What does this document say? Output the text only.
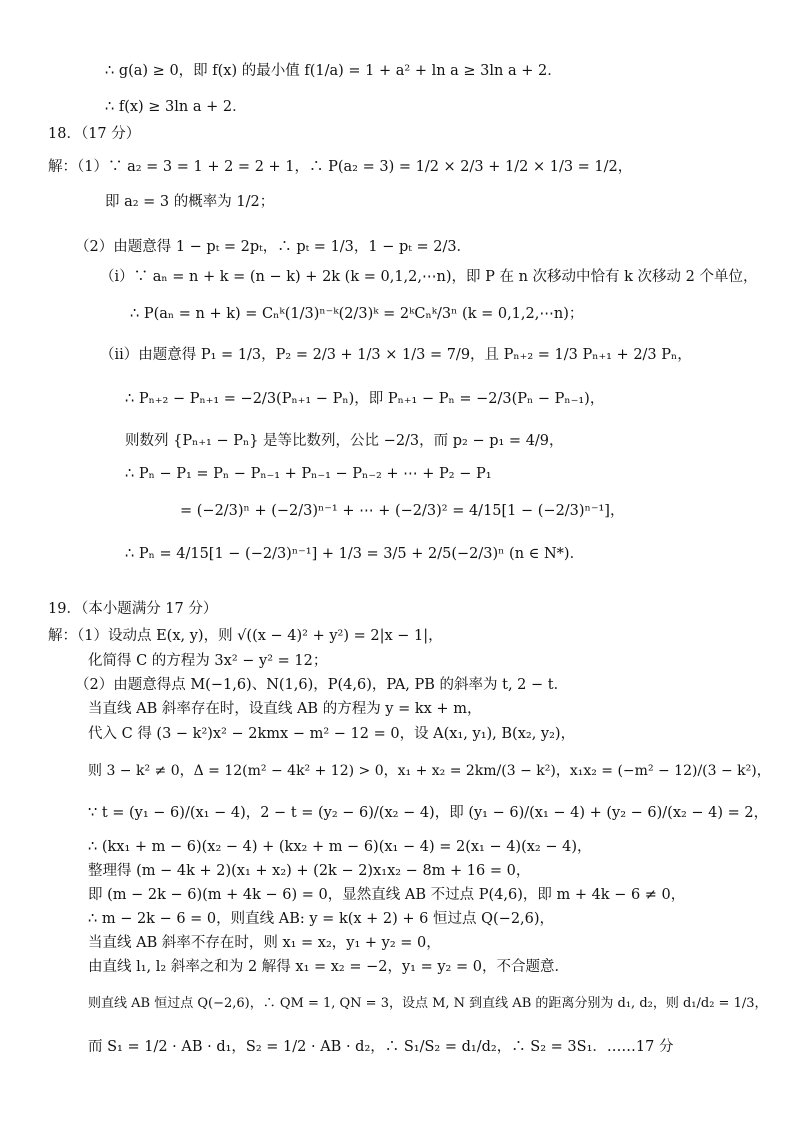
∴ g(a) ≥ 0，即 f(x) 的最小值 f(1/a) = 1 + a² + ln a ≥ 3ln a + 2．
∴ f(x) ≥ 3ln a + 2．
18．（17 分）
解：（1）∵ a₂ = 3 = 1 + 2 = 2 + 1，∴ P(a₂ = 3) = 1/2 × 2/3 + 1/2 × 1/3 = 1/2，
即 a₂ = 3 的概率为 1/2；
（2）由题意得 1 − pₜ = 2pₜ，∴ pₜ = 1/3，1 − pₜ = 2/3．
（i）∵ aₙ = n + k = (n − k) + 2k (k = 0,1,2,⋯n)，即 P 在 n 次移动中恰有 k 次移动 2 个单位，
∴ P(aₙ = n + k) = Cₙᵏ(1/3)ⁿ⁻ᵏ(2/3)ᵏ = 2ᵏCₙᵏ/3ⁿ (k = 0,1,2,⋯n)；
（ii）由题意得 P₁ = 1/3，P₂ = 2/3 + 1/3 × 1/3 = 7/9，且 Pₙ₊₂ = 1/3 Pₙ₊₁ + 2/3 Pₙ，
∴ Pₙ₊₂ − Pₙ₊₁ = −2/3(Pₙ₊₁ − Pₙ)，即 Pₙ₊₁ − Pₙ = −2/3(Pₙ − Pₙ₋₁)，
则数列 {Pₙ₊₁ − Pₙ} 是等比数列，公比 −2/3，而 p₂ − p₁ = 4/9，
∴ Pₙ − P₁ = Pₙ − Pₙ₋₁ + Pₙ₋₁ − Pₙ₋₂ + ⋯ + P₂ − P₁
= (−2/3)ⁿ + (−2/3)ⁿ⁻¹ + ⋯ + (−2/3)² = 4/15[1 − (−2/3)ⁿ⁻¹]，
∴ Pₙ = 4/15[1 − (−2/3)ⁿ⁻¹] + 1/3 = 3/5 + 2/5(−2/3)ⁿ (n ∈ N*)．
19．（本小题满分 17 分）
解：（1）设动点 E(x, y)，则 √((x − 4)² + y²) = 2|x − 1|，
化简得 C 的方程为 3x² − y² = 12；
（2）由题意得点 M(−1,6)、N(1,6)，P(4,6)，PA, PB 的斜率为 t, 2 − t．
当直线 AB 斜率存在时，设直线 AB 的方程为 y = kx + m，
代入 C 得 (3 − k²)x² − 2kmx − m² − 12 = 0，设 A(x₁, y₁), B(x₂, y₂)，
则 3 − k² ≠ 0，Δ = 12(m² − 4k² + 12) > 0，x₁ + x₂ = 2km/(3 − k²)，x₁x₂ = (−m² − 12)/(3 − k²)，
∵ t = (y₁ − 6)/(x₁ − 4)，2 − t = (y₂ − 6)/(x₂ − 4)，即 (y₁ − 6)/(x₁ − 4) + (y₂ − 6)/(x₂ − 4) = 2，
∴ (kx₁ + m − 6)(x₂ − 4) + (kx₂ + m − 6)(x₁ − 4) = 2(x₁ − 4)(x₂ − 4)，
整理得 (m − 4k + 2)(x₁ + x₂) + (2k − 2)x₁x₂ − 8m + 16 = 0，
即 (m − 2k − 6)(m + 4k − 6) = 0，显然直线 AB 不过点 P(4,6)，即 m + 4k − 6 ≠ 0，
∴ m − 2k − 6 = 0，则直线 AB: y = k(x + 2) + 6 恒过点 Q(−2,6)，
当直线 AB 斜率不存在时，则 x₁ = x₂，y₁ + y₂ = 0，
由直线 l₁, l₂ 斜率之和为 2 解得 x₁ = x₂ = −2，y₁ = y₂ = 0，不合题意．
则直线 AB 恒过点 Q(−2,6)，∴ QM = 1, QN = 3，设点 M, N 到直线 AB 的距离分别为 d₁, d₂，则 d₁/d₂ = 1/3，
而 S₁ = 1/2 · AB · d₁，S₂ = 1/2 · AB · d₂，∴ S₁/S₂ = d₁/d₂，∴ S₂ = 3S₁．……17 分
